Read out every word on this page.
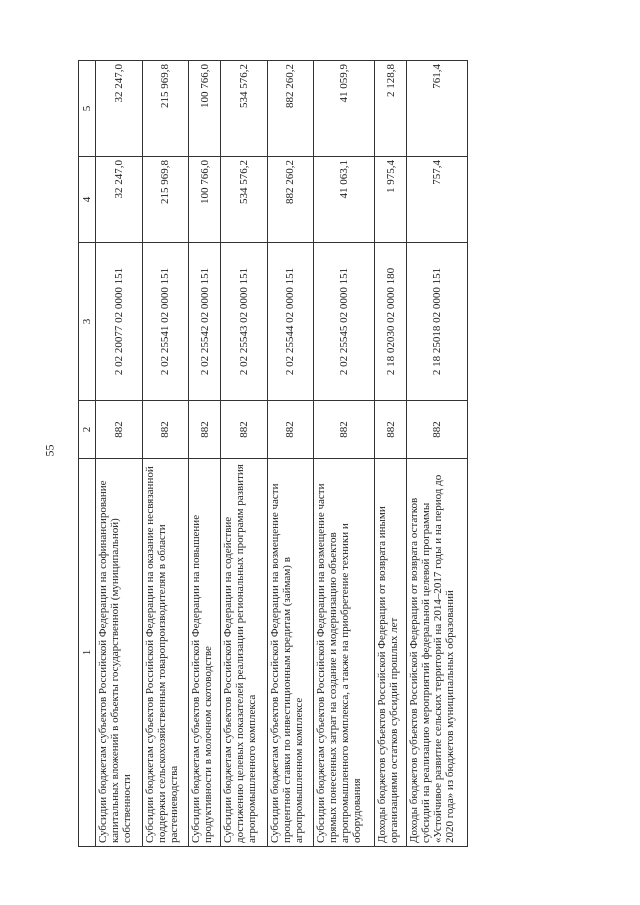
55
1	2	3	4	5
Субсидии бюджетам субъектов Российской Федерации на софинансирование капитальных вложений в объекты государственной (муниципальной) собственности	882	2 02 20077 02 0000 151	32 247,0	32 247,0
Субсидии бюджетам субъектов Российской Федерации на оказание несвязанной поддержки сельскохозяйственным товаропроизводителям в области растениеводства	882	2 02 25541 02 0000 151	215 969,8	215 969,8
Субсидии бюджетам субъектов Российской Федерации на повышение продуктивности в молочном скотоводстве	882	2 02 25542 02 0000 151	100 766,0	100 766,0
Субсидии бюджетам субъектов Российской Федерации на содействие достижению целевых показателей реализации региональных программ развития агропромышленного комплекса	882	2 02 25543 02 0000 151	534 576,2	534 576,2
Субсидии бюджетам субъектов Российской Федерации на возмещение части процентной ставки по инвестиционным кредитам (займам) в агропромышленном комплексе	882	2 02 25544 02 0000 151	882 260,2	882 260,2
Субсидии бюджетам субъектов Российской Федерации на возмещение части прямых понесенных затрат на создание и модернизацию объектов агропромышленного комплекса, а также на приобретение техники и оборудования	882	2 02 25545 02 0000 151	41 063,1	41 059,9
Доходы бюджетов субъектов Российской Федерации от возврата иными организациями остатков субсидий прошлых лет	882	2 18 02030 02 0000 180	1 975,4	2 128,8
Доходы бюджетов субъектов Российской Федерации от возврата остатков субсидий на реализацию мероприятий федеральной целевой программы «Устойчивое развитие сельских территорий на 2014–2017 годы и на период до 2020 года» из бюджетов муниципальных образований	882	2 18 25018 02 0000 151	757,4	761,4
